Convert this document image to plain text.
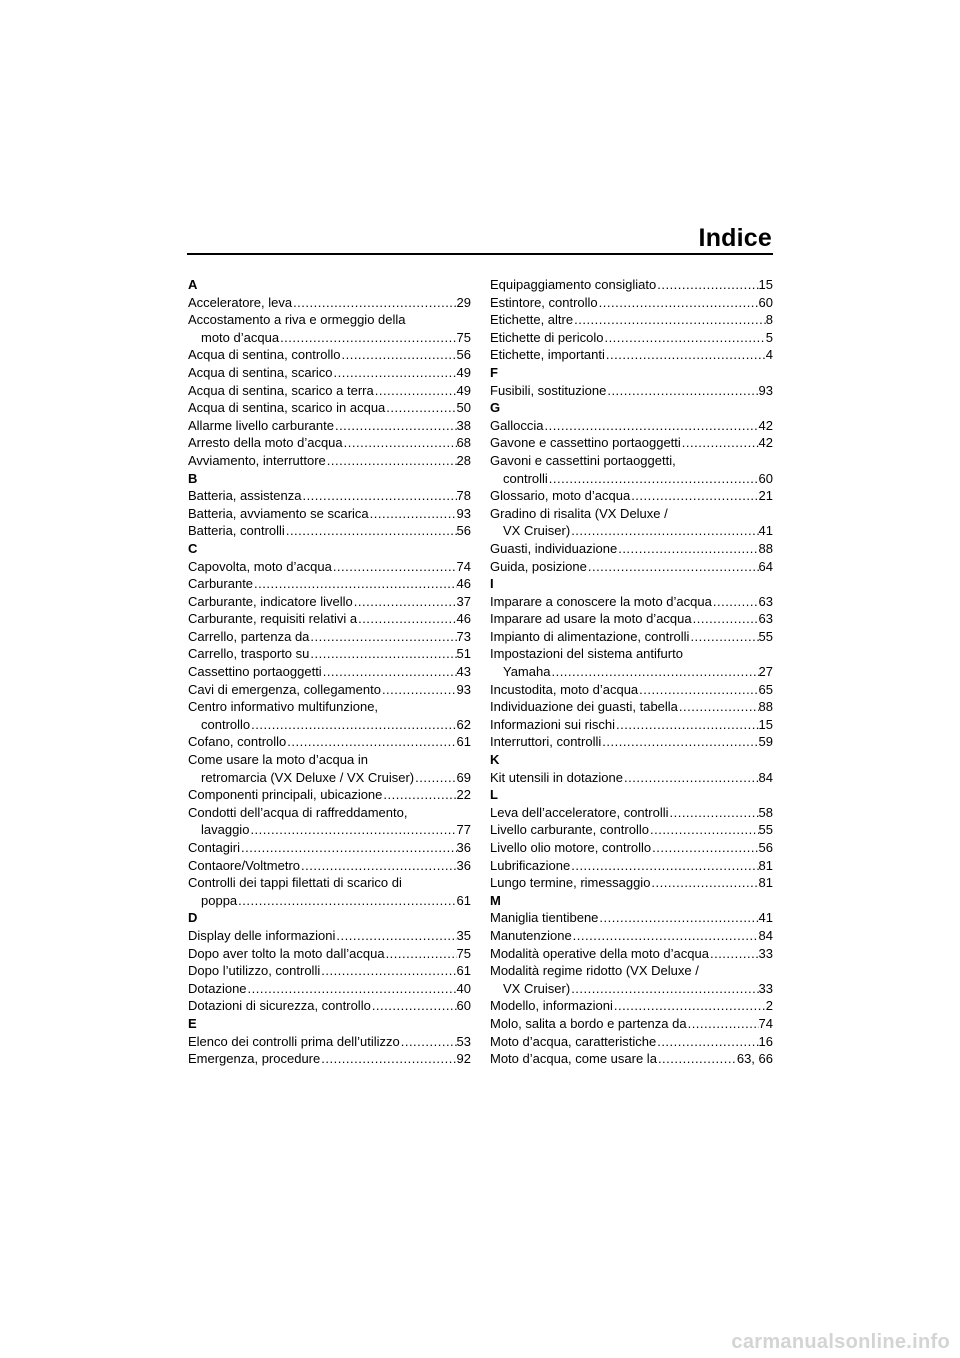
Indice
A
Acceleratore, leva .....	29
Accostamento a riva e ormeggio della
moto d’acqua .....	75
Acqua di sentina, controllo .....	56
Acqua di sentina, scarico .....	49
Acqua di sentina, scarico a terra .....	49
Acqua di sentina, scarico in acqua .....	50
Allarme livello carburante .....	38
Arresto della moto d’acqua .....	68
Avviamento, interruttore .....	28
B
Batteria, assistenza .....	78
Batteria, avviamento se scarica .....	93
Batteria, controlli .....	56
C
Capovolta, moto d’acqua .....	74
Carburante .....	46
Carburante, indicatore livello .....	37
Carburante, requisiti relativi a .....	46
Carrello, partenza da .....	73
Carrello, trasporto su .....	51
Cassettino portaoggetti .....	43
Cavi di emergenza, collegamento .....	93
Centro informativo multifunzione,
controllo .....	62
Cofano, controllo .....	61
Come usare la moto d’acqua in
retromarcia (VX Deluxe / VX Cruiser) .....	69
Componenti principali, ubicazione .....	22
Condotti dell’acqua di raffreddamento,
lavaggio .....	77
Contagiri .....	36
Contaore/Voltmetro .....	36
Controlli dei tappi filettati di scarico di
poppa .....	61
D
Display delle informazioni .....	35
Dopo aver tolto la moto dall’acqua .....	75
Dopo l’utilizzo, controlli .....	61
Dotazione .....	40
Dotazioni di sicurezza, controllo .....	60
E
Elenco dei controlli prima dell’utilizzo .....	53
Emergenza, procedure .....	92
Equipaggiamento consigliato .....	15
Estintore, controllo .....	60
Etichette, altre .....	8
Etichette di pericolo .....	5
Etichette, importanti .....	4
F
Fusibili, sostituzione .....	93
G
Galloccia .....	42
Gavone e cassettino portaoggetti .....	42
Gavoni e cassettini portaoggetti,
controlli .....	60
Glossario, moto d’acqua .....	21
Gradino di risalita (VX Deluxe /
VX Cruiser) .....	41
Guasti, individuazione .....	88
Guida, posizione .....	64
I
Imparare a conoscere la moto d’acqua .....	63
Imparare ad usare la moto d’acqua .....	63
Impianto di alimentazione, controlli .....	55
Impostazioni del sistema antifurto
Yamaha .....	27
Incustodita, moto d’acqua .....	65
Individuazione dei guasti, tabella .....	88
Informazioni sui rischi .....	15
Interruttori, controlli .....	59
K
Kit utensili in dotazione .....	84
L
Leva dell’acceleratore, controlli .....	58
Livello carburante, controllo .....	55
Livello olio motore, controllo .....	56
Lubrificazione .....	81
Lungo termine, rimessaggio .....	81
M
Maniglia tientibene .....	41
Manutenzione .....	84
Modalità operative della moto d’acqua .....	33
Modalità regime ridotto (VX Deluxe /
VX Cruiser) .....	33
Modello, informazioni .....	2
Molo, salita a bordo e partenza da .....	74
Moto d’acqua, caratteristiche .....	16
Moto d’acqua, come usare la .....	63, 66
carmanualsonline.info
